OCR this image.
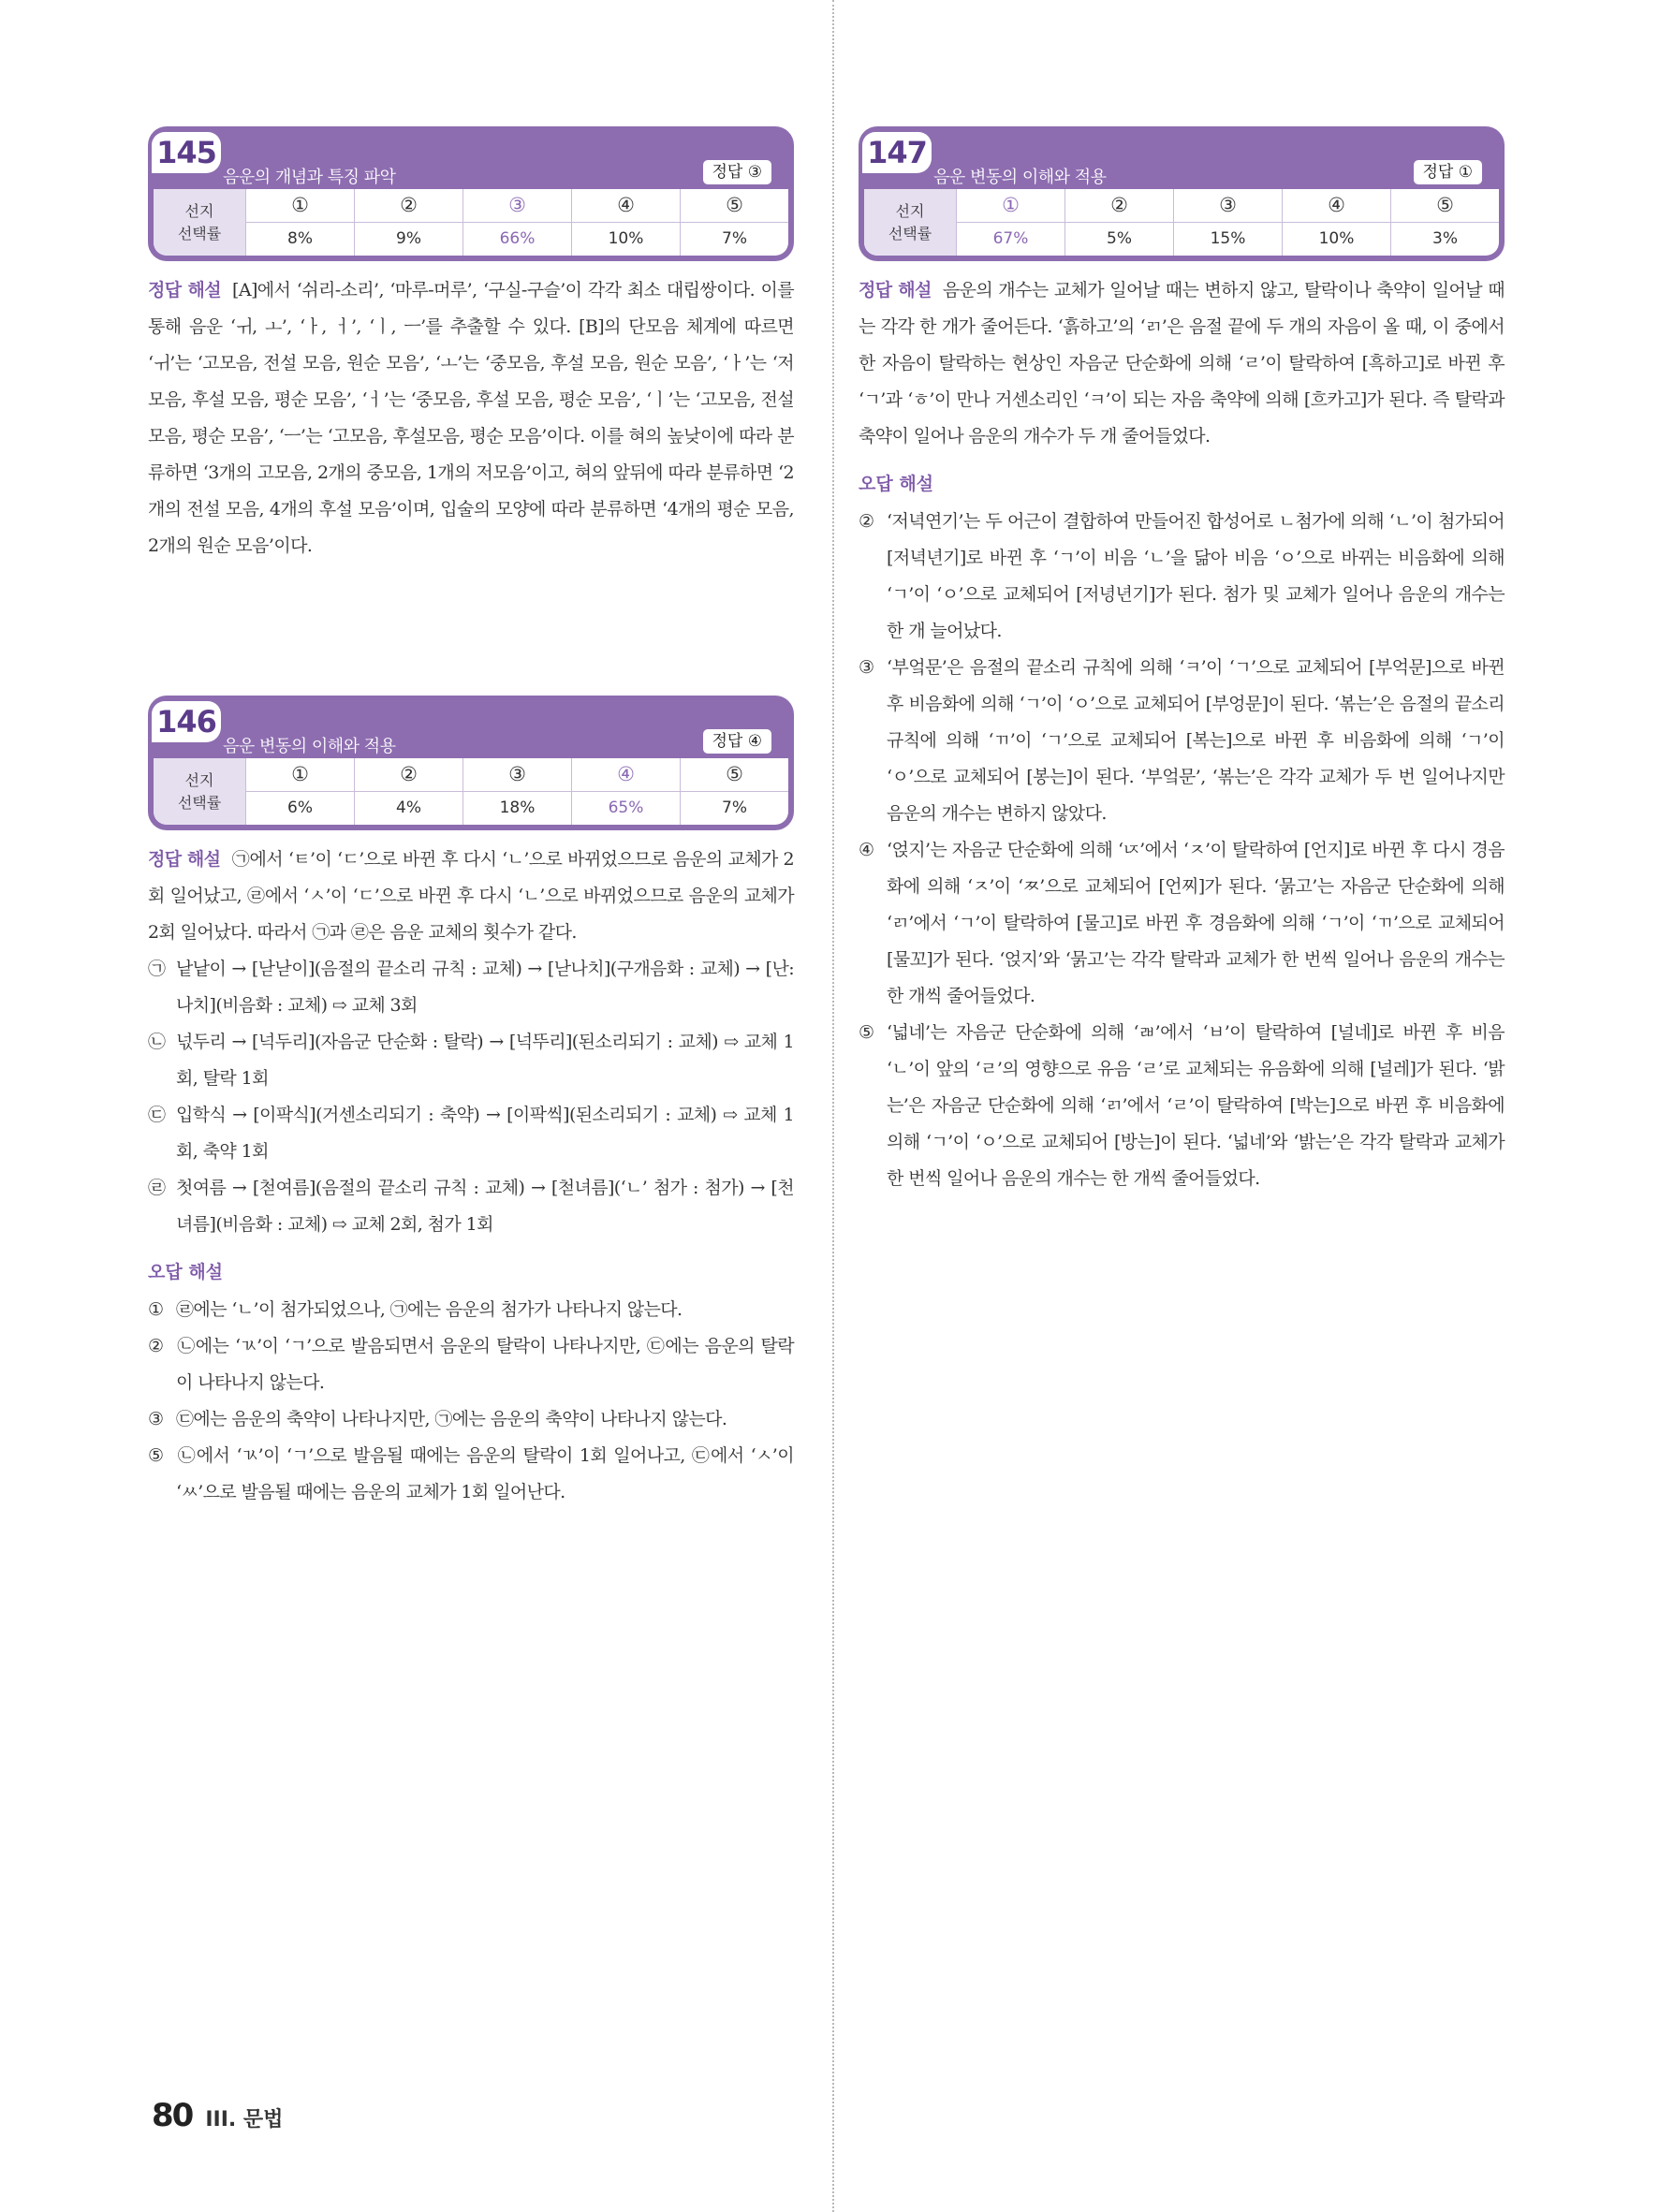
145
음운의 개념과 특징 파악	정답 ③
선지
선택률
①	②	③	④	⑤
8%	9%	66%	10%	7%

정답 해설 [A]에서 ‘쉬리-소리’, ‘마루-머루’, ‘구실-구슬’이 각각 최소 대립쌍이다. 이를 통해 음운 ‘ㅟ, ㅗ’, ‘ㅏ, ㅓ’, ‘ㅣ, ㅡ’를 추출할 수 있다. [B]의 단모음 체계에 따르면 ‘ㅟ’는 ‘고모음, 전설 모음, 원순 모음’, ‘ㅗ’는 ‘중모음, 후설 모음, 원순 모음’, ‘ㅏ’는 ‘저모음, 후설 모음, 평순 모음’, ‘ㅓ’는 ‘중모음, 후설 모음, 평순 모음’, ‘ㅣ’는 ‘고모음, 전설 모음, 평순 모음’, ‘ㅡ’는 ‘고모음, 후설모음, 평순 모음’이다. 이를 혀의 높낮이에 따라 분류하면 ‘3개의 고모음, 2개의 중모음, 1개의 저모음’이고, 혀의 앞뒤에 따라 분류하면 ‘2개의 전설 모음, 4개의 후설 모음’이며, 입술의 모양에 따라 분류하면 ‘4개의 평순 모음, 2개의 원순 모음’이다.

146
음운 변동의 이해와 적용	정답 ④
선지
선택률
①	②	③	④	⑤
6%	4%	18%	65%	7%

정답 해설 ㉠에서 ‘ㅌ’이 ‘ㄷ’으로 바뀐 후 다시 ‘ㄴ’으로 바뀌었으므로 음운의 교체가 2회 일어났고, ㉣에서 ‘ㅅ’이 ‘ㄷ’으로 바뀐 후 다시 ‘ㄴ’으로 바뀌었으므로 음운의 교체가 2회 일어났다. 따라서 ㉠과 ㉣은 음운 교체의 횟수가 같다.

㉠ 낱낱이 → [낟낟이](음절의 끝소리 규칙 : 교체) → [낟나치](구개음화 : 교체) → [난:나치](비음화 : 교체) ⇨ 교체 3회

㉡ 넋두리 → [넉두리](자음군 단순화 : 탈락) → [넉뚜리](된소리되기 : 교체) ⇨ 교체 1회, 탈락 1회

㉢ 입학식 → [이팍식](거센소리되기 : 축약) → [이팍씩](된소리되기 : 교체) ⇨ 교체 1회, 축약 1회

㉣ 첫여름 → [첟여름](음절의 끝소리 규칙 : 교체) → [첟녀름](‘ㄴ’ 첨가 : 첨가) → [천녀름](비음화 : 교체) ⇨ 교체 2회, 첨가 1회

오답 해설

① ㉣에는 ‘ㄴ’이 첨가되었으나, ㉠에는 음운의 첨가가 나타나지 않는다.

② ㉡에는 ‘ㄳ’이 ‘ㄱ’으로 발음되면서 음운의 탈락이 나타나지만, ㉢에는 음운의 탈락이 나타나지 않는다.

③ ㉢에는 음운의 축약이 나타나지만, ㉠에는 음운의 축약이 나타나지 않는다.

⑤ ㉡에서 ‘ㄳ’이 ‘ㄱ’으로 발음될 때에는 음운의 탈락이 1회 일어나고, ㉢에서 ‘ㅅ’이 ‘ㅆ’으로 발음될 때에는 음운의 교체가 1회 일어난다.

147
음운 변동의 이해와 적용	정답 ①
선지
선택률
①	②	③	④	⑤
67%	5%	15%	10%	3%

정답 해설 음운의 개수는 교체가 일어날 때는 변하지 않고, 탈락이나 축약이 일어날 때는 각각 한 개가 줄어든다. ‘흙하고’의 ‘ㄺ’은 음절 끝에 두 개의 자음이 올 때, 이 중에서 한 자음이 탈락하는 현상인 자음군 단순화에 의해 ‘ㄹ’이 탈락하여 [흑하고]로 바뀐 후 ‘ㄱ’과 ‘ㅎ’이 만나 거센소리인 ‘ㅋ’이 되는 자음 축약에 의해 [흐카고]가 된다. 즉 탈락과 축약이 일어나 음운의 개수가 두 개 줄어들었다.

오답 해설

② ‘저녁연기’는 두 어근이 결합하여 만들어진 합성어로 ㄴ첨가에 의해 ‘ㄴ’이 첨가되어 [저녁년기]로 바뀐 후 ‘ㄱ’이 비음 ‘ㄴ’을 닮아 비음 ‘ㅇ’으로 바뀌는 비음화에 의해 ‘ㄱ’이 ‘ㅇ’으로 교체되어 [저녕년기]가 된다. 첨가 및 교체가 일어나 음운의 개수는 한 개 늘어났다.

③ ‘부엌문’은 음절의 끝소리 규칙에 의해 ‘ㅋ’이 ‘ㄱ’으로 교체되어 [부억문]으로 바뀐 후 비음화에 의해 ‘ㄱ’이 ‘ㅇ’으로 교체되어 [부엉문]이 된다. ‘볶는’은 음절의 끝소리 규칙에 의해 ‘ㄲ’이 ‘ㄱ’으로 교체되어 [복는]으로 바뀐 후 비음화에 의해 ‘ㄱ’이 ‘ㅇ’으로 교체되어 [봉는]이 된다. ‘부엌문’, ‘볶는’은 각각 교체가 두 번 일어나지만 음운의 개수는 변하지 않았다.

④ ‘얹지’는 자음군 단순화에 의해 ‘ㄵ’에서 ‘ㅈ’이 탈락하여 [언지]로 바뀐 후 다시 경음화에 의해 ‘ㅈ’이 ‘ㅉ’으로 교체되어 [언찌]가 된다. ‘묽고’는 자음군 단순화에 의해 ‘ㄺ’에서 ‘ㄱ’이 탈락하여 [물고]로 바뀐 후 경음화에 의해 ‘ㄱ’이 ‘ㄲ’으로 교체되어 [물꼬]가 된다. ‘얹지’와 ‘묽고’는 각각 탈락과 교체가 한 번씩 일어나 음운의 개수는 한 개씩 줄어들었다.

⑤ ‘넓네’는 자음군 단순화에 의해 ‘ㄼ’에서 ‘ㅂ’이 탈락하여 [널네]로 바뀐 후 비음 ‘ㄴ’이 앞의 ‘ㄹ’의 영향으로 유음 ‘ㄹ’로 교체되는 유음화에 의해 [널레]가 된다. ‘밝는’은 자음군 단순화에 의해 ‘ㄺ’에서 ‘ㄹ’이 탈락하여 [박는]으로 바뀐 후 비음화에 의해 ‘ㄱ’이 ‘ㅇ’으로 교체되어 [방는]이 된다. ‘넓네’와 ‘밝는’은 각각 탈락과 교체가 한 번씩 일어나 음운의 개수는 한 개씩 줄어들었다.

80 III. 문법
